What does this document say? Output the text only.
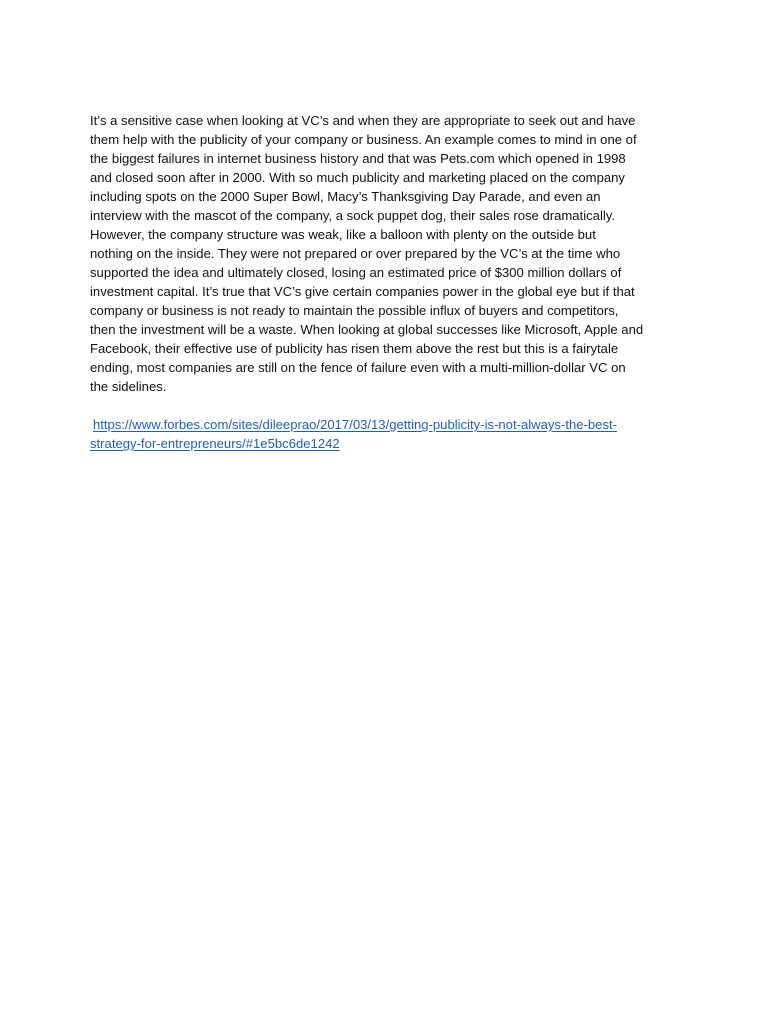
It’s a sensitive case when looking at VC’s and when they are appropriate to seek out and have
them help with the publicity of your company or business. An example comes to mind in one of
the biggest failures in internet business history and that was Pets.com which opened in 1998
and closed soon after in 2000. With so much publicity and marketing placed on the company
including spots on the 2000 Super Bowl, Macy’s Thanksgiving Day Parade, and even an
interview with the mascot of the company, a sock puppet dog, their sales rose dramatically.
However, the company structure was weak, like a balloon with plenty on the outside but
nothing on the inside. They were not prepared or over prepared by the VC’s at the time who
supported the idea and ultimately closed, losing an estimated price of $300 million dollars of
investment capital. It’s true that VC’s give certain companies power in the global eye but if that
company or business is not ready to maintain the possible influx of buyers and competitors,
then the investment will be a waste. When looking at global successes like Microsoft, Apple and
Facebook, their effective use of publicity has risen them above the rest but this is a fairytale
ending, most companies are still on the fence of failure even with a multi-million-dollar VC on
the sidelines.
https://www.forbes.com/sites/dileeprao/2017/03/13/getting-publicity-is-not-always-the-best-
strategy-for-entrepreneurs/#1e5bc6de1242
